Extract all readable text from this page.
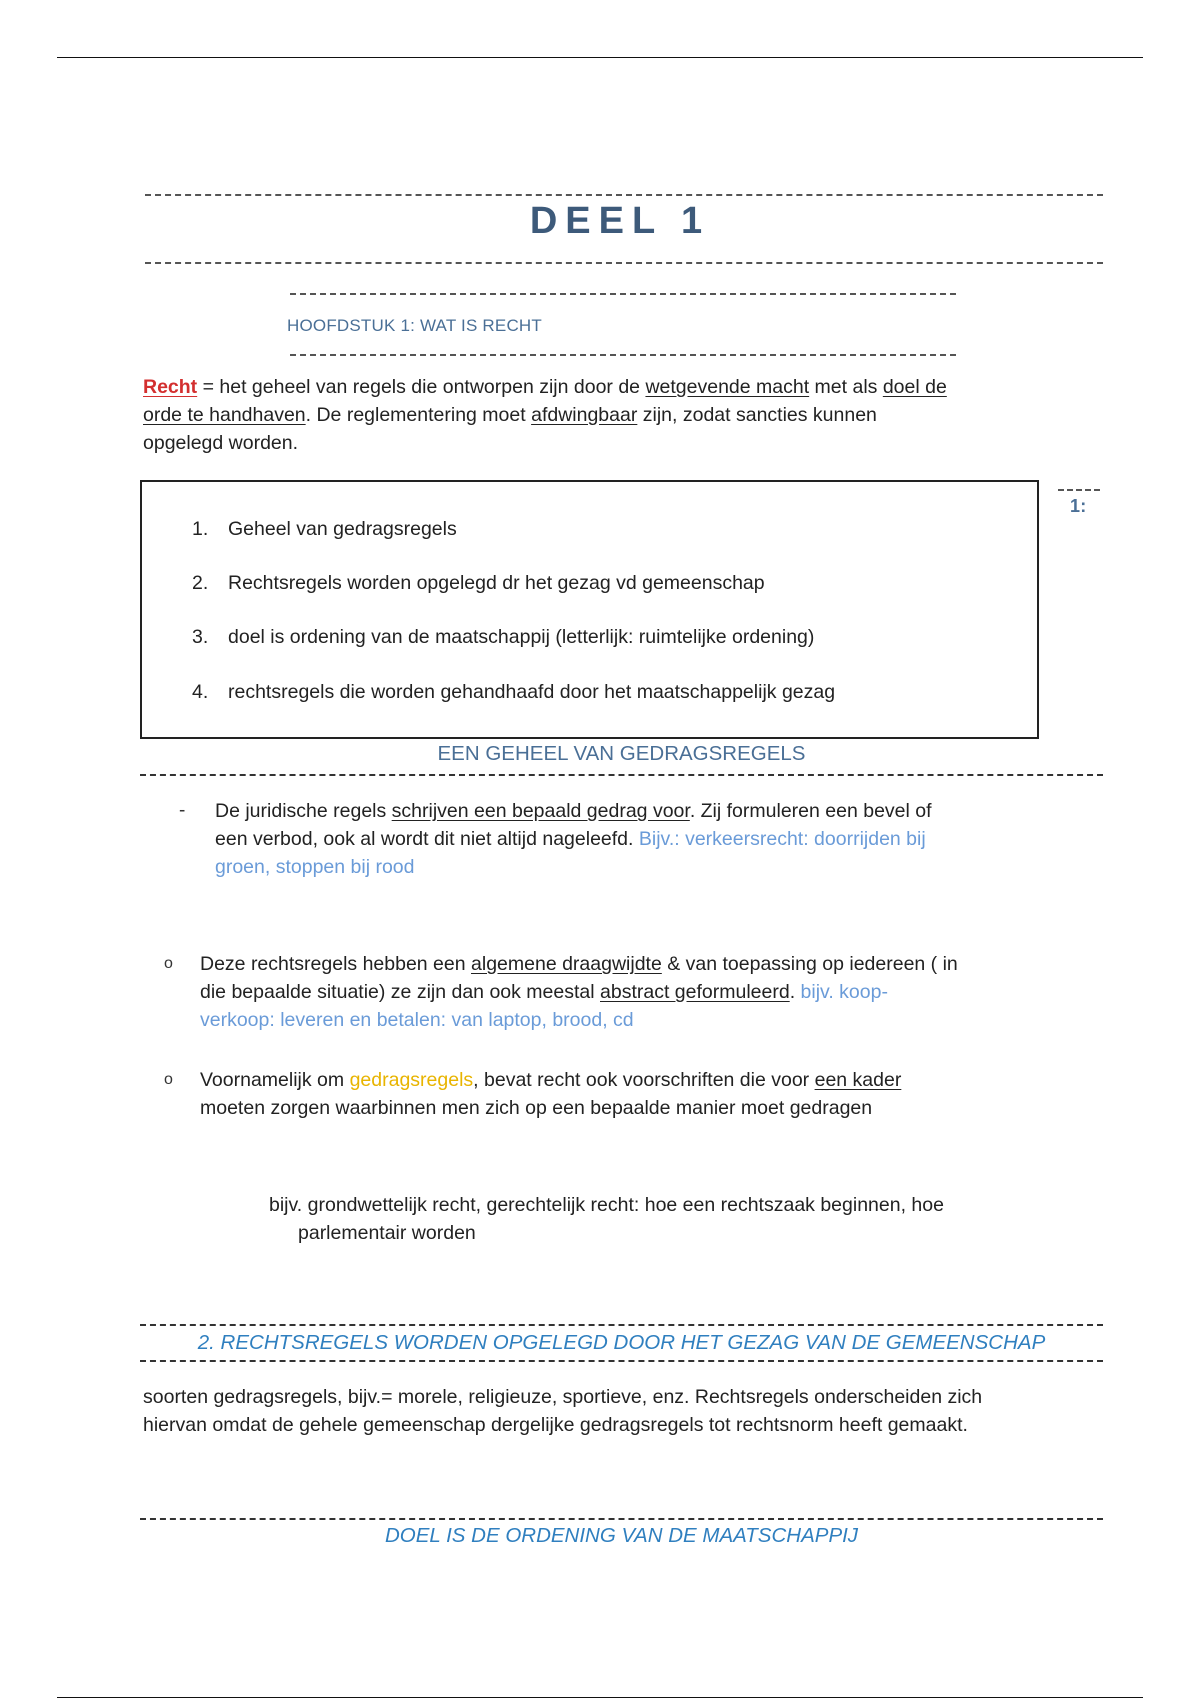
DEEL 1
HOOFDSTUK 1: WAT IS RECHT
Recht = het geheel van regels die ontworpen zijn door de wetgevende macht met als doel de
orde te handhaven. De reglementering moet afdwingbaar zijn, zodat sancties kunnen
opgelegd worden.
1. Geheel van gedragsregels
2. Rechtsregels worden opgelegd dr het gezag vd gemeenschap
3. doel is ordening van de maatschappij (letterlijk: ruimtelijke ordening)
4. rechtsregels die worden gehandhaafd door het maatschappelijk gezag
1:
EEN GEHEEL VAN GEDRAGSREGELS
- De juridische regels schrijven een bepaald gedrag voor. Zij formuleren een bevel of
een verbod, ook al wordt dit niet altijd nageleefd. Bijv.: verkeersrecht: doorrijden bij
groen, stoppen bij rood
o Deze rechtsregels hebben een algemene draagwijdte & van toepassing op iedereen ( in
die bepaalde situatie) ze zijn dan ook meestal abstract geformuleerd. bijv. koop-
verkoop: leveren en betalen: van laptop, brood, cd
o Voornamelijk om gedragsregels, bevat recht ook voorschriften die voor een kader
moeten zorgen waarbinnen men zich op een bepaalde manier moet gedragen
bijv. grondwettelijk recht, gerechtelijk recht: hoe een rechtszaak beginnen, hoe
parlementair worden
2. RECHTSREGELS WORDEN OPGELEGD DOOR HET GEZAG VAN DE GEMEENSCHAP
soorten gedragsregels, bijv.= morele, religieuze, sportieve, enz. Rechtsregels onderscheiden zich
hiervan omdat de gehele gemeenschap dergelijke gedragsregels tot rechtsnorm heeft gemaakt.
DOEL IS DE ORDENING VAN DE MAATSCHAPPIJ
